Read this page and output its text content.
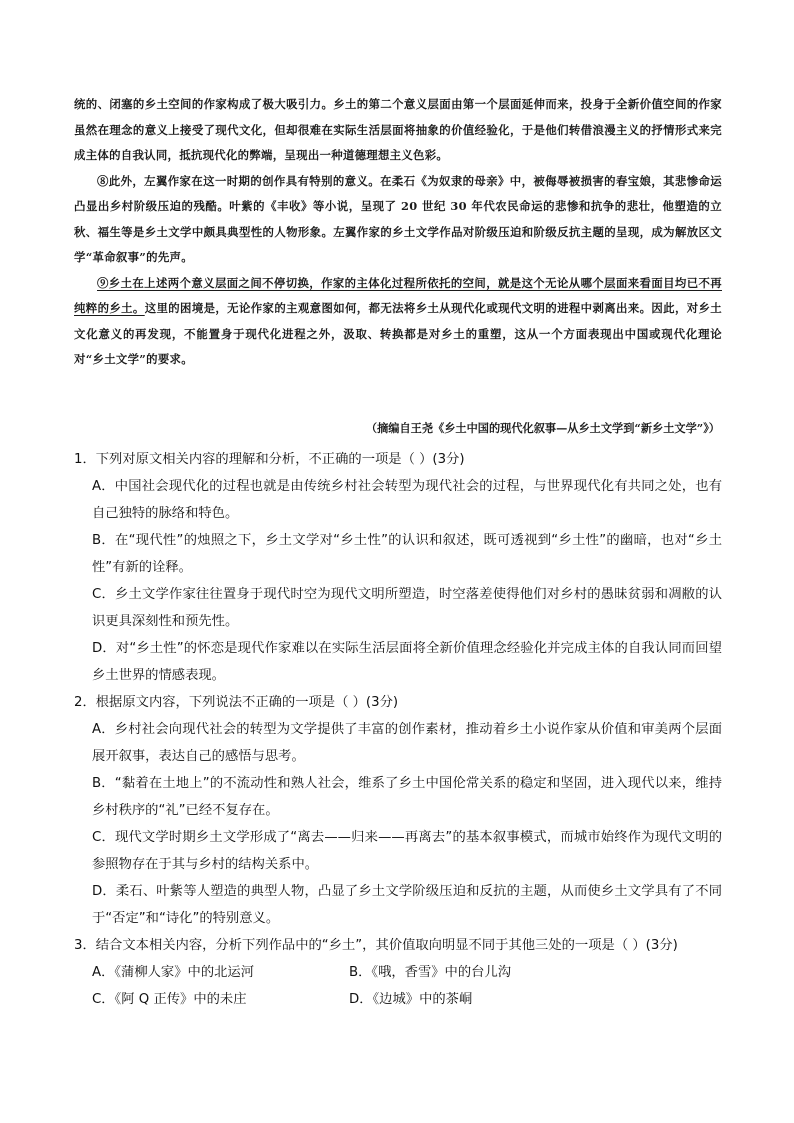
统的、闭塞的乡土空间的作家构成了极大吸引力。乡土的第二个意义层面由第一个层面延伸而来，投身于全新价值空间的作家虽然在理念的意义上接受了现代文化，但却很难在实际生活层面将抽象的价值经验化，于是他们转借浪漫主义的抒情形式来完成主体的自我认同，抵抗现代化的弊端，呈现出一种道德理想主义色彩。

⑧此外，左翼作家在这一时期的创作具有特别的意义。在柔石《为奴隶的母亲》中，被侮辱被损害的春宝娘，其悲惨命运凸显出乡村阶级压迫的残酷。叶紫的《丰收》等小说，呈现了 20 世纪 30 年代农民命运的悲惨和抗争的悲壮，他塑造的立秋、福生等是乡土文学中颇具典型性的人物形象。左翼作家的乡土文学作品对阶级压迫和阶级反抗主题的呈现，成为解放区文学“革命叙事”的先声。

⑨乡土在上述两个意义层面之间不停切换，作家的主体化过程所依托的空间，就是这个无论从哪个层面来看面目均已不再纯粹的乡土。这里的困境是，无论作家的主观意图如何，都无法将乡土从现代化或现代文明的进程中剥离出来。因此，对乡土文化意义的再发现，不能置身于现代化进程之外，汲取、转换都是对乡土的重塑，这从一个方面表现出中国或现代化理论对“乡土文学”的要求。

（摘编自王尧《乡土中国的现代化叙事—从乡土文学到“新乡土文学”》）

1．下列对原文相关内容的理解和分析，不正确的一项是（ ）(3分)

A．中国社会现代化的过程也就是由传统乡村社会转型为现代社会的过程，与世界现代化有共同之处，也有自己独特的脉络和特色。

B．在“现代性”的烛照之下，乡土文学对“乡土性”的认识和叙述，既可透视到“乡土性”的幽暗，也对“乡土性”有新的诠释。

C．乡土文学作家往往置身于现代时空为现代文明所塑造，时空落差使得他们对乡村的愚昧贫弱和凋敝的认识更具深刻性和预先性。

D．对“乡土性”的怀恋是现代作家难以在实际生活层面将全新价值理念经验化并完成主体的自我认同而回望乡土世界的情感表现。

2．根据原文内容，下列说法不正确的一项是（ ）(3分)

A．乡村社会向现代社会的转型为文学提供了丰富的创作素材，推动着乡土小说作家从价值和审美两个层面展开叙事，表达自己的感悟与思考。

B．“黏着在土地上”的不流动性和熟人社会，维系了乡土中国伦常关系的稳定和坚固，进入现代以来，维持乡村秩序的“礼”已经不复存在。

C．现代文学时期乡土文学形成了“离去——归来——再离去”的基本叙事模式，而城市始终作为现代文明的参照物存在于其与乡村的结构关系中。

D．柔石、叶紫等人塑造的典型人物，凸显了乡土文学阶级压迫和反抗的主题，从而使乡土文学具有了不同于“否定”和“诗化”的特别意义。

3．结合文本相关内容，分析下列作品中的“乡土”，其价值取向明显不同于其他三处的一项是（ ）(3分)

A．《蒲柳人家》中的北运河	B．《哦，香雪》中的台儿沟
C．《阿 Q 正传》中的未庄	D．《边城》中的茶峒
